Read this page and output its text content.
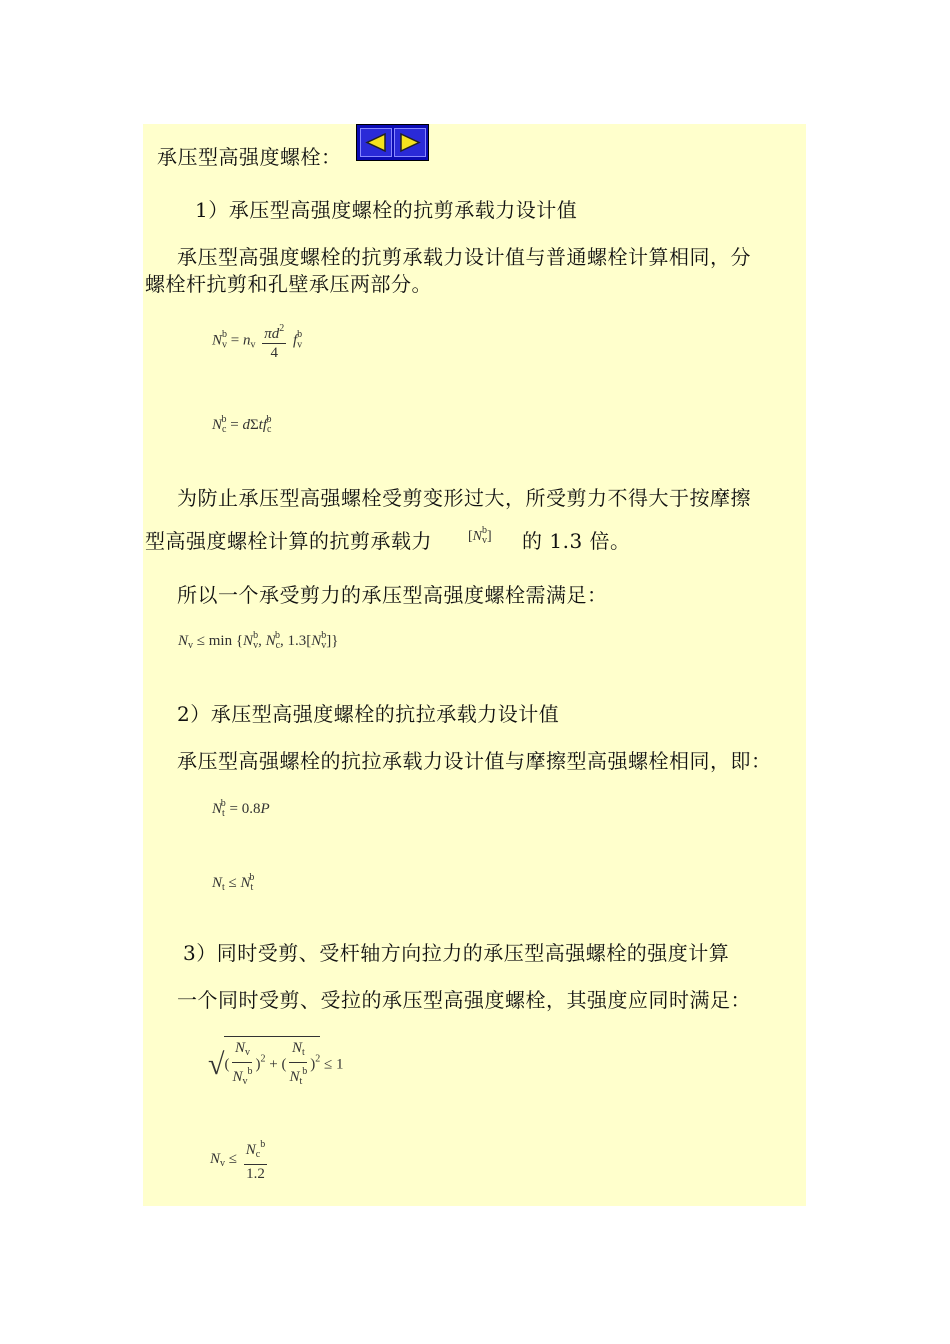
承压型高强度螺栓：
1）承压型高强度螺栓的抗剪承载力设计值
承压型高强度螺栓的抗剪承载力设计值与普通螺栓计算相同，分
螺栓杆抗剪和孔壁承压两部分。
$N_v^b = n_v \frac{\pi d^2}{4} f_v^b$
$N_c^b = d\Sigma tf_c^b$
为防止承压型高强螺栓受剪变形过大，所受剪力不得大于按摩擦
型高强度螺栓计算的抗剪承载力	$[N_v^b]$ 的 1.3 倍。
所以一个承受剪力的承压型高强度螺栓需满足：
$N_v \le \min \{N_v^b$, $N_c^b$, $1.3[N_v^b]$}
2）承压型高强度螺栓的抗拉承载力设计值
承压型高强螺栓的抗拉承载力设计值与摩擦型高强螺栓相同，即：
$N_t^b = 0.8P$
$N_t \le N_t^b$
3）同时受剪、受杆轴方向拉力的承压型高强螺栓的强度计算
一个同时受剪、受拉的承压型高强度螺栓，其强度应同时满足：
√( $\frac{N_v}{N_v^b} )^2$ + ( $\frac{N_t}{N_t^b} )^2 \le 1$
$N_v \le \frac{N_c^b}{1.2}$
